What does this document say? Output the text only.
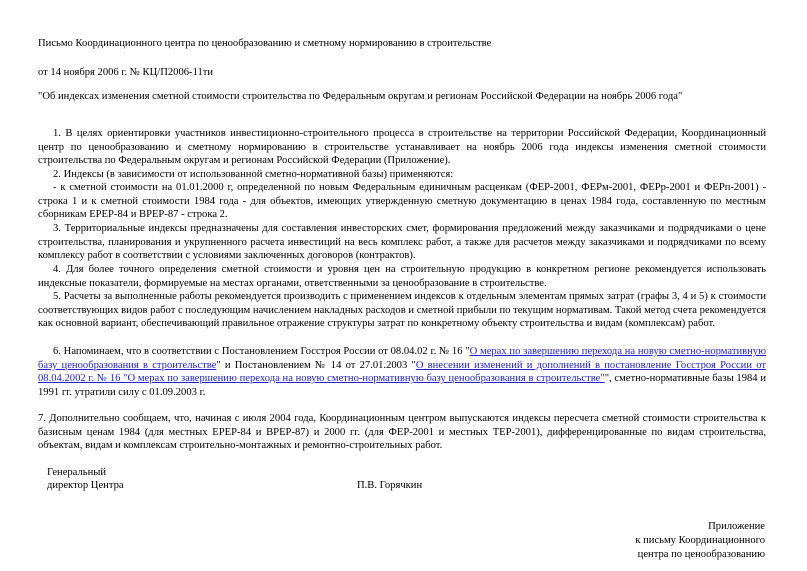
Письмо Координационного центра по ценообразованию и сметному нормированию в строительстве
от 14 ноября 2006 г. № КЦ/П2006-11ти
"Об индексах изменения сметной стоимости строительства по Федеральным округам и регионам Российской Федерации на ноябрь 2006 года"
1. В целях ориентировки участников инвестиционно-строительного процесса в строительстве на территории Российской Федерации, Координационный центр по ценообразованию и сметному нормированию в строительстве устанавливает на ноябрь 2006 года индексы изменения сметной стоимости строительства по Федеральным округам и регионам Российской Федерации (Приложение).
2. Индексы (в зависимости от использованной сметно-нормативной базы) применяются:
- к сметной стоимости на 01.01.2000 г, определенной по новым Федеральным единичным расценкам (ФЕР-2001, ФЕРм-2001, ФЕРр-2001 и ФЕРп-2001) - строка 1 и к сметной стоимости 1984 года - для объектов, имеющих утвержденную сметную документацию в ценах 1984 года, составленную по местным сборникам ЕРЕР-84 и ВРЕР-87 - строка 2.
3. Территориальные индексы предназначены для составления инвесторских смет, формирования предложений между заказчиками и подрядчиками о цене строительства, планирования и укрупненного расчета инвестиций на весь комплекс работ, а также для расчетов между заказчиками и подрядчиками по всему комплексу работ в соответствии с условиями заключенных договоров (контрактов).
4. Для более точного определения сметной стоимости и уровня цен на строительную продукцию в конкретном регионе рекомендуется использовать индексные показатели, формируемые на местах органами, ответственными за ценообразование в строительстве.
5. Расчеты за выполненные работы рекомендуется производить с применением индексов к отдельным элементам прямых затрат (графы 3, 4 и 5) к стоимости соответствующих видов работ с последующим начислением накладных расходов и сметной прибыли по текущим нормативам. Такой метод счета рекомендуется как основной вариант, обеспечивающий правильное отражение структуры затрат по конкретному объекту строительства и видам (комплексам) работ.
6. Напоминаем, что в соответствии с Постановлением Госстроя России от 08.04.02 г. № 16 "О мерах по завершению перехода на новую сметно-нормативную базу ценообразования в строительстве" и Постановлением № 14 от 27.01.2003 "О внесении изменений и дополнений в постановление Госстроя России от 08.04.2002 г. № 16 "О мерах по завершению перехода на новую сметно-нормативную базу ценообразования в строительстве"", сметно-нормативные базы 1984 и 1991 гг. утратили силу с 01.09.2003 г.
7. Дополнительно сообщаем, что, начиная с июля 2004 года, Координационным центром выпускаются индексы пересчета сметной стоимости строительства к базисным ценам 1984 (для местных ЕРЕР-84 и ВРЕР-87) и 2000 гг. (для ФЕР-2001 и местных ТЕР-2001), дифференцированные по видам строительства, объектам, видам и комплексам строительно-монтажных и ремонтно-строительных работ.
Генеральный
директор Центра	П.В. Горячкин
Приложение
к письму Координационного
центра по ценообразованию
